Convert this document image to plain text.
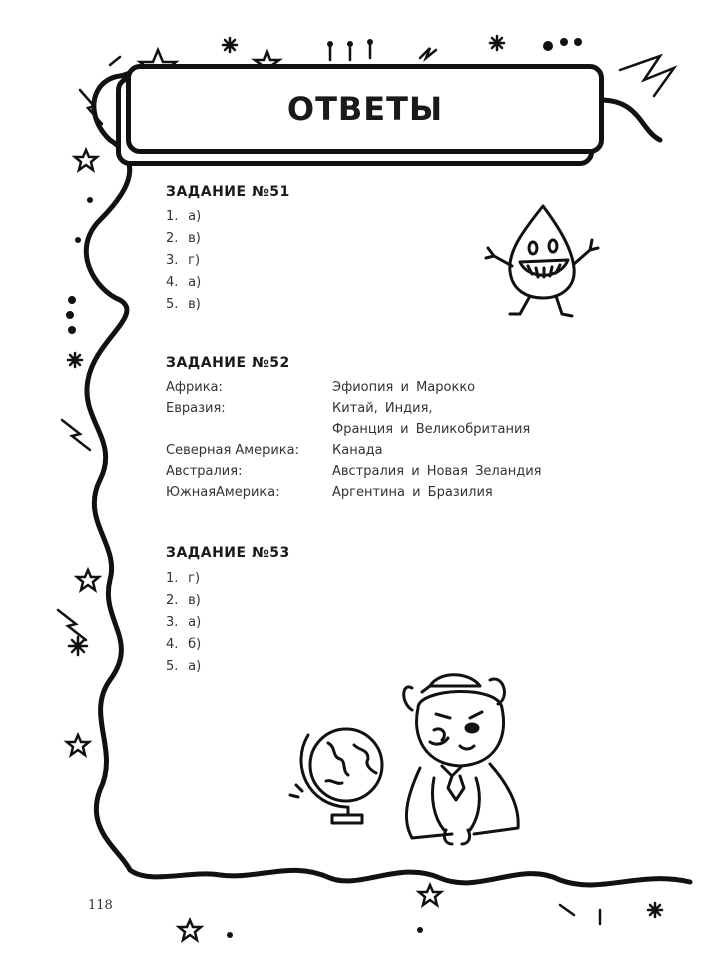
ОТВЕТЫ
ЗАДАНИЕ №51
1. а)
2. в)
3. г)
4. а)
5. в)
ЗАДАНИЕ №52
Африка:	Эфиопия и Марокко
Евразия:	Китай, Индия,
Франция и Великобритания
Северная Америка:	Канада
Австралия:	Австралия и Новая Зеландия
ЮжнаяАмерика:	Аргентина и Бразилия
ЗАДАНИЕ №53
1. г)
2. в)
3. а)
4. б)
5. а)
118
